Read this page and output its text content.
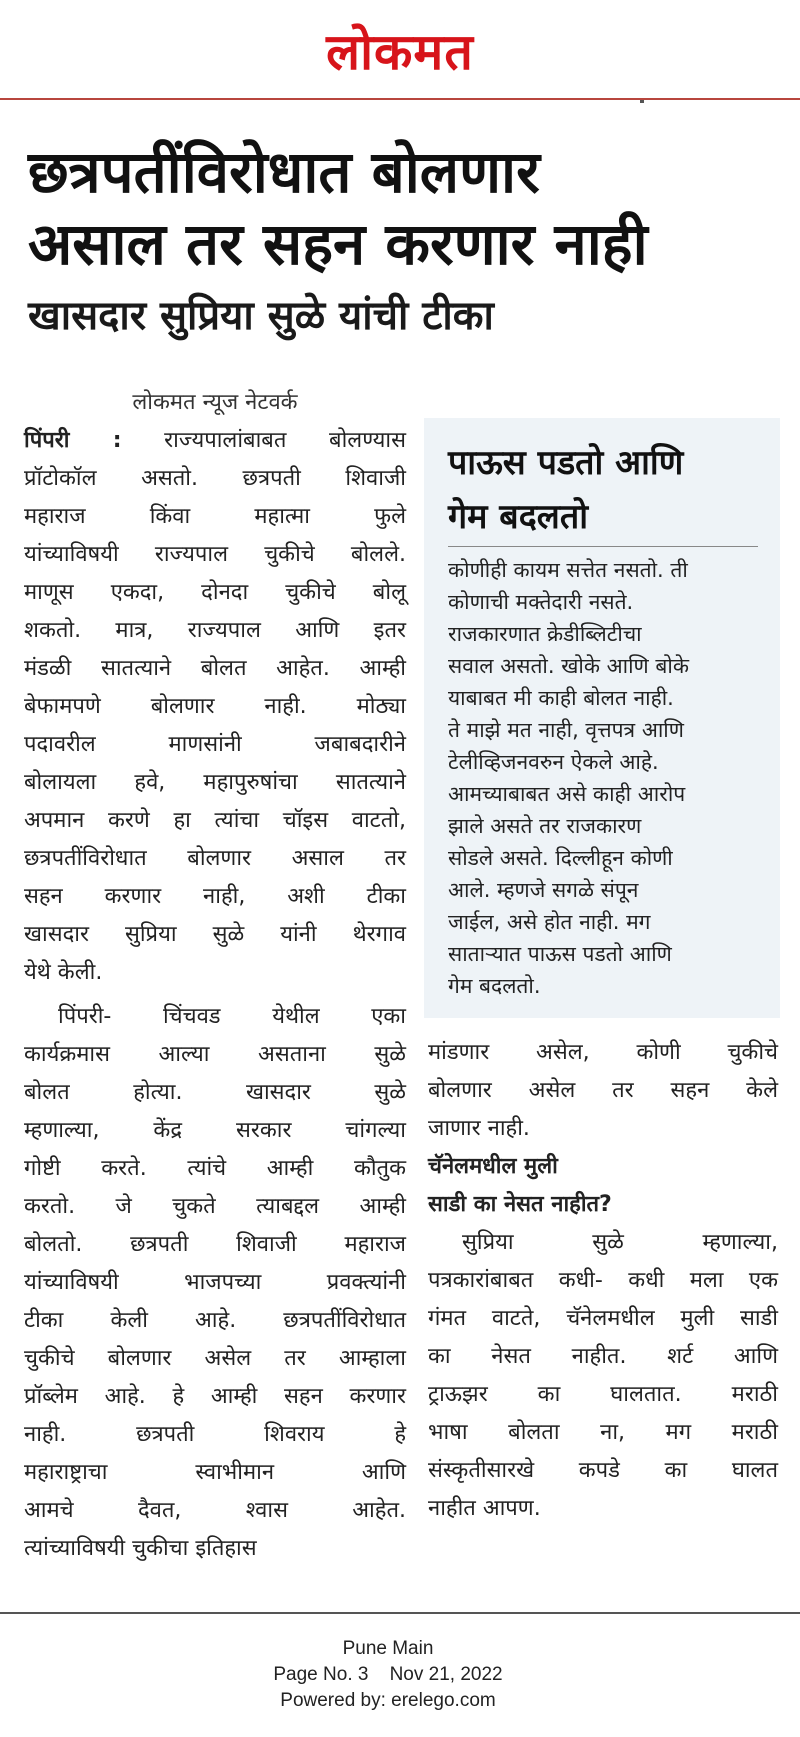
लोकमत
छत्रपतींविरोधात बोलणार
असाल तर सहन करणार नाही
खासदार सुप्रिया सुळे यांची टीका
लोकमत न्यूज नेटवर्क
पिंपरी : राज्यपालांबाबत बोलण्यास
प्रॉटोकॉल असतो. छत्रपती शिवाजी
महाराज किंवा महात्मा फुले
यांच्याविषयी राज्यपाल चुकीचे बोलले.
माणूस एकदा, दोनदा चुकीचे बोलू
शकतो. मात्र, राज्यपाल आणि इतर
मंडळी सातत्याने बोलत आहेत. आम्ही
बेफामपणे बोलणार नाही. मोठ्या
पदावरील माणसांनी जबाबदारीने
बोलायला हवे, महापुरुषांचा सातत्याने
अपमान करणे हा त्यांचा चॉइस वाटतो,
छत्रपतींविरोधात बोलणार असाल तर
सहन करणार नाही, अशी टीका
खासदार सुप्रिया सुळे यांनी थेरगाव
येथे केली.
पिंपरी- चिंचवड येथील एका
कार्यक्रमास आल्या असताना सुळे
बोलत होत्या. खासदार सुळे
म्हणाल्या, केंद्र सरकार चांगल्या
गोष्टी करते. त्यांचे आम्ही कौतुक
करतो. जे चुकते त्याबद्दल आम्ही
बोलतो. छत्रपती शिवाजी महाराज
यांच्याविषयी भाजपच्या प्रवक्त्यांनी
टीका केली आहे. छत्रपतींविरोधात
चुकीचे बोलणार असेल तर आम्हाला
प्रॉब्लेम आहे. हे आम्ही सहन करणार
नाही. छत्रपती शिवराय हे
महाराष्ट्राचा स्वाभीमान आणि
आमचे दैवत, श्वास आहेत.
त्यांच्याविषयी चुकीचा इतिहास
पाऊस पडतो आणि
गेम बदलतो
कोणीही कायम सत्तेत नसतो. ती
कोणाची मक्तेदारी नसते.
राजकारणात क्रेडीब्लिटीचा
सवाल असतो. खोके आणि बोके
याबाबत मी काही बोलत नाही.
ते माझे मत नाही, वृत्तपत्र आणि
टेलीव्हिजनवरुन ऐकले आहे.
आमच्याबाबत असे काही आरोप
झाले असते तर राजकारण
सोडले असते. दिल्लीहून कोणी
आले. म्हणजे सगळे संपून
जाईल, असे होत नाही. मग
साताऱ्यात पाऊस पडतो आणि
गेम बदलतो.
मांडणार असेल, कोणी चुकीचे
बोलणार असेल तर सहन केले
जाणार नाही.
चॅनेलमधील मुली
साडी का नेसत नाहीत?
सुप्रिया सुळे म्हणाल्या,
पत्रकारांबाबत कधी- कधी मला एक
गंमत वाटते, चॅनेलमधील मुली साडी
का नेसत नाहीत. शर्ट आणि
ट्राऊझर का घालतात. मराठी
भाषा बोलता ना, मग मराठी
संस्कृतीसारखे कपडे का घालत
नाहीत आपण.
Pune Main
Page No. 3 Nov 21, 2022
Powered by: erelego.com
